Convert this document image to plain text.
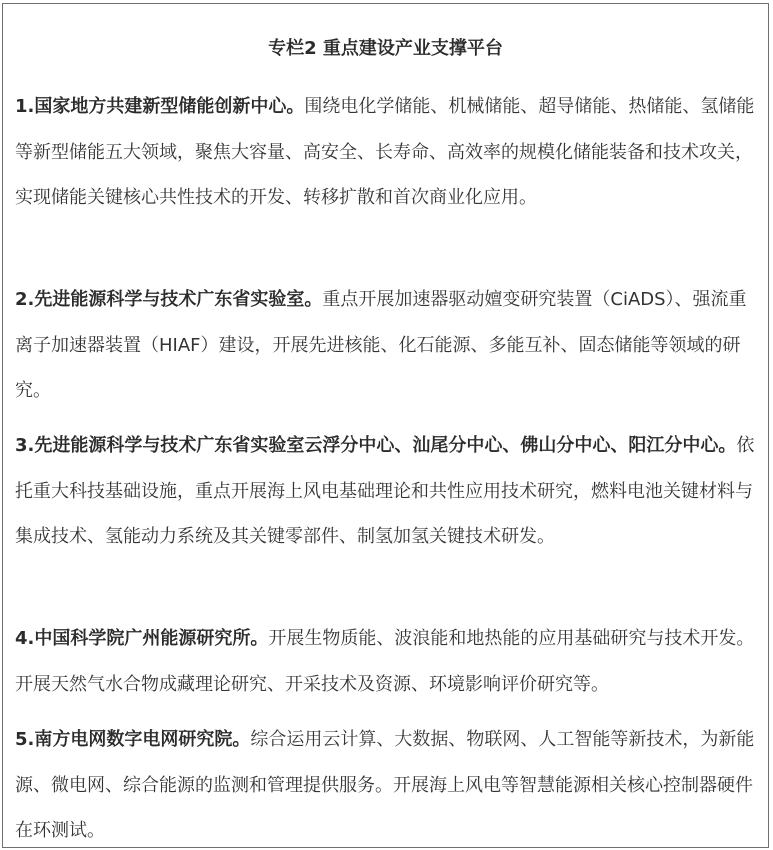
专栏2 重点建设产业支撑平台
1.国家地方共建新型储能创新中心。围绕电化学储能、机械储能、超导储能、热储能、氢储能等新型储能五大领域，聚焦大容量、高安全、长寿命、高效率的规模化储能装备和技术攻关，实现储能关键核心共性技术的开发、转移扩散和首次商业化应用。
2.先进能源科学与技术广东省实验室。重点开展加速器驱动嬗变研究装置（CiADS）、强流重离子加速器装置（HIAF）建设，开展先进核能、化石能源、多能互补、固态储能等领域的研究。
3.先进能源科学与技术广东省实验室云浮分中心、汕尾分中心、佛山分中心、阳江分中心。依托重大科技基础设施，重点开展海上风电基础理论和共性应用技术研究，燃料电池关键材料与集成技术、氢能动力系统及其关键零部件、制氢加氢关键技术研发。
4.中国科学院广州能源研究所。开展生物质能、波浪能和地热能的应用基础研究与技术开发。开展天然气水合物成藏理论研究、开采技术及资源、环境影响评价研究等。
5.南方电网数字电网研究院。综合运用云计算、大数据、物联网、人工智能等新技术，为新能源、微电网、综合能源的监测和管理提供服务。开展海上风电等智慧能源相关核心控制器硬件在环测试。
